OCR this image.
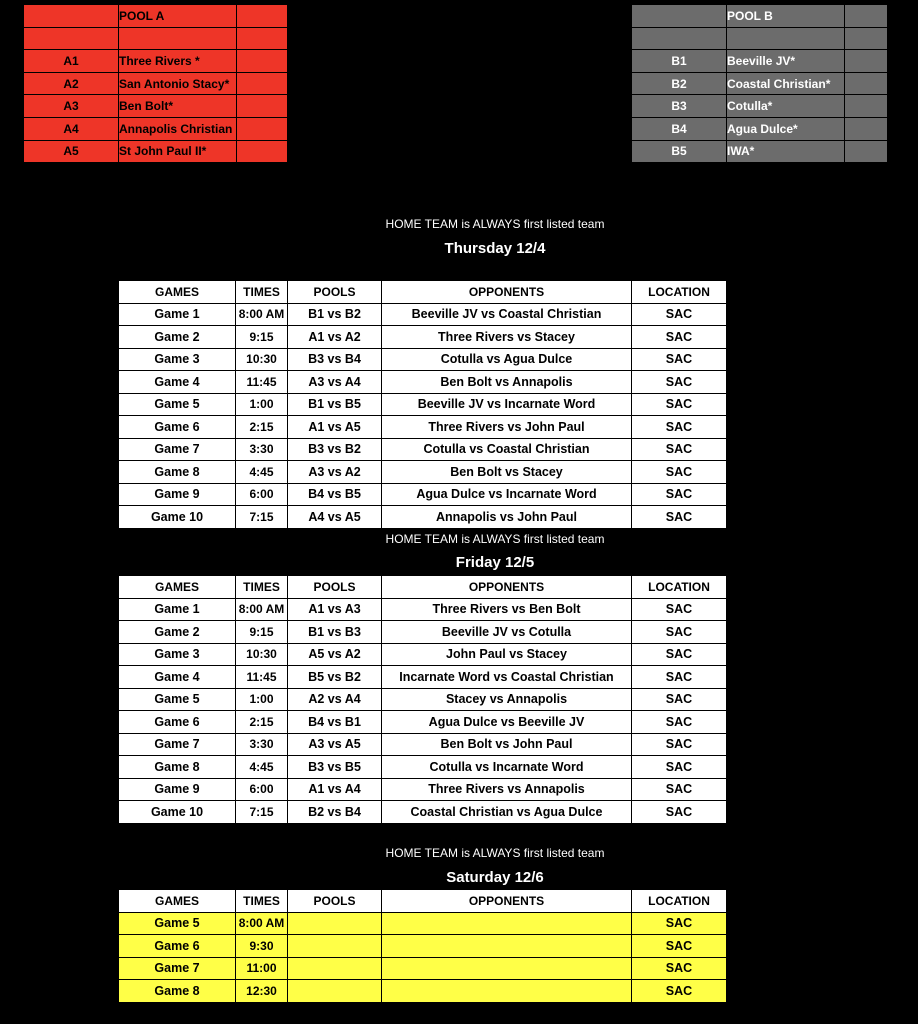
	POOL A	

A1	Three Rivers *	
A2	San Antonio Stacy*	
A3	Ben Bolt*	
A4	Annapolis Christian	
A5	St John Paul II*	
	POOL B	

B1	Beeville JV*	
B2	Coastal Christian*	
B3	Cotulla*	
B4	Agua Dulce*	
B5	IWA*	
HOME TEAM is ALWAYS first listed team
Thursday 12/4
GAMES	TIMES	POOLS	OPPONENTS	LOCATION
Game 1	8:00 AM	B1 vs B2	Beeville JV vs Coastal Christian	SAC
Game 2	9:15	A1 vs A2	Three Rivers vs Stacey	SAC
Game 3	10:30	B3 vs B4	Cotulla vs Agua Dulce	SAC
Game 4	11:45	A3 vs A4	Ben Bolt vs Annapolis	SAC
Game 5	1:00	B1 vs B5	Beeville JV vs Incarnate Word	SAC
Game 6	2:15	A1 vs A5	Three Rivers vs John Paul	SAC
Game 7	3:30	B3 vs B2	Cotulla vs Coastal Christian	SAC
Game 8	4:45	A3 vs A2	Ben Bolt vs Stacey	SAC
Game 9	6:00	B4 vs B5	Agua Dulce vs Incarnate Word	SAC
Game 10	7:15	A4 vs A5	Annapolis vs John Paul	SAC
HOME TEAM is ALWAYS first listed team
Friday 12/5
GAMES	TIMES	POOLS	OPPONENTS	LOCATION
Game 1	8:00 AM	A1 vs A3	Three Rivers vs Ben Bolt	SAC
Game 2	9:15	B1 vs B3	Beeville JV vs Cotulla	SAC
Game 3	10:30	A5 vs A2	John Paul vs Stacey	SAC
Game 4	11:45	B5 vs B2	Incarnate Word vs Coastal Christian	SAC
Game 5	1:00	A2 vs A4	Stacey vs Annapolis	SAC
Game 6	2:15	B4 vs B1	Agua Dulce vs Beeville JV	SAC
Game 7	3:30	A3 vs A5	Ben Bolt vs John Paul	SAC
Game 8	4:45	B3 vs B5	Cotulla vs Incarnate Word	SAC
Game 9	6:00	A1 vs A4	Three Rivers vs Annapolis	SAC
Game 10	7:15	B2 vs B4	Coastal Christian vs Agua Dulce	SAC
HOME TEAM is ALWAYS first listed team
Saturday 12/6
GAMES	TIMES	POOLS	OPPONENTS	LOCATION
Game 5	8:00 AM			SAC
Game 6	9:30			SAC
Game 7	11:00			SAC
Game 8	12:30			SAC
